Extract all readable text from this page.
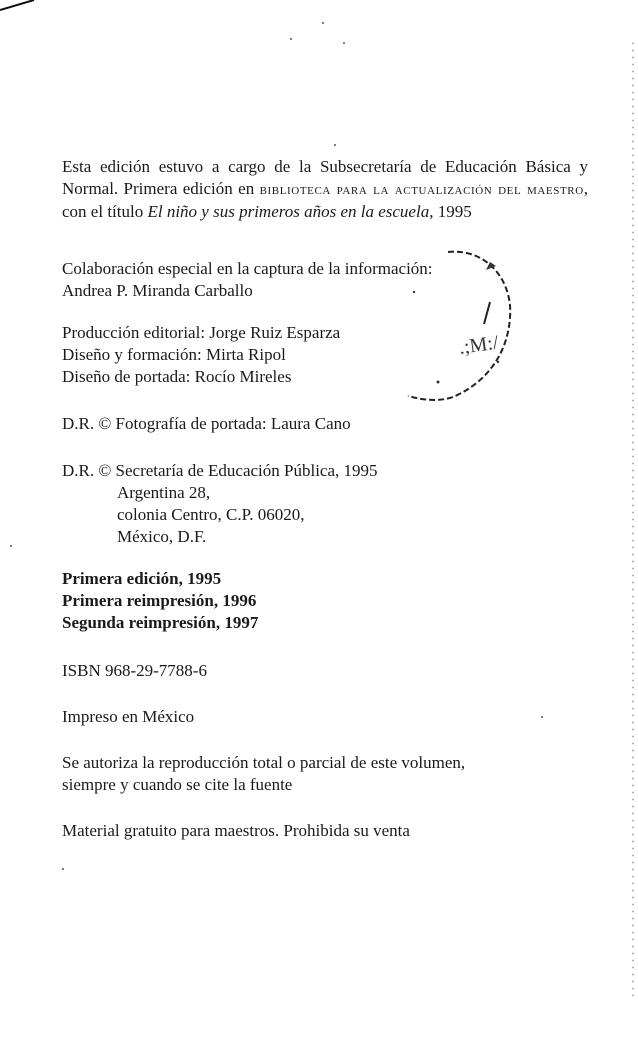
.;M:/
Esta edición estuvo a cargo de la Subsecretaría de Educación Básica y Normal. Primera edición en biblioteca para la actualización del maestro, con el título El niño y sus primeros años en la escuela, 1995
Colaboración especial en la captura de la información:
Andrea P. Miranda Carballo
Producción editorial: Jorge Ruiz Esparza
Diseño y formación: Mirta Ripol
Diseño de portada: Rocío Mireles
D.R. © Fotografía de portada: Laura Cano
D.R. © Secretaría de Educación Pública, 1995
Argentina 28,
colonia Centro, C.P. 06020,
México, D.F.
Primera edición, 1995
Primera reimpresión, 1996
Segunda reimpresión, 1997
ISBN 968-29-7788-6
Impreso en México
Se autoriza la reproducción total o parcial de este volumen,
siempre y cuando se cite la fuente
Material gratuito para maestros. Prohibida su venta
